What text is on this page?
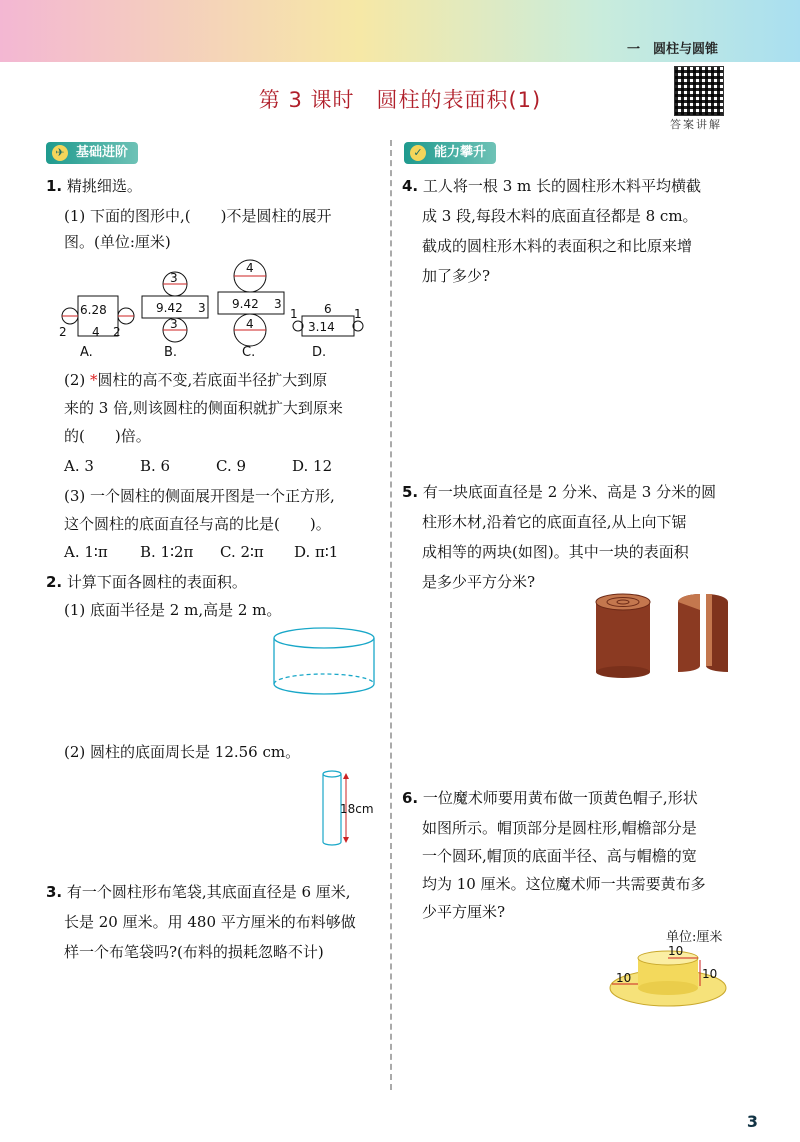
一　圆柱与圆锥
第 3 课时　圆柱的表面积(1)
答案讲解
✈ 基础进阶	✓ 能力攀升
1. 精挑细选。
(1) 下面的图形中,(　　)不是圆柱的展开
图。(单位:厘米)
6.28
4
2	2
A.
3
9.42 3
3
B.
4
9.42 3
4
C.
6
3.14
1	1
D.
(2) *圆柱的高不变,若底面半径扩大到原
来的 3 倍,则该圆柱的侧面积就扩大到原来
的(　　)倍。
A. 3	B. 6	C. 9	D. 12
(3) 一个圆柱的侧面展开图是一个正方形,
这个圆柱的底面直径与高的比是(　　)。
A. 1∶π B. 1∶2π C. 2∶π D. π∶1
2. 计算下面各圆柱的表面积。
(1) 底面半径是 2 m,高是 2 m。
(2) 圆柱的底面周长是 12.56 cm。
18cm
3. 有一个圆柱形布笔袋,其底面直径是 6 厘米,
长是 20 厘米。用 480 平方厘米的布料够做
样一个布笔袋吗?(布料的损耗忽略不计)
4. 工人将一根 3 m 长的圆柱形木料平均横截
成 3 段,每段木料的底面直径都是 8 cm。
截成的圆柱形木料的表面积之和比原来增
加了多少?
5. 有一块底面直径是 2 分米、高是 3 分米的圆
柱形木材,沿着它的底面直径,从上向下锯
成相等的两块(如图)。其中一块的表面积
是多少平方分米?
6. 一位魔术师要用黄布做一顶黄色帽子,形状
如图所示。帽顶部分是圆柱形,帽檐部分是
一个圆环,帽顶的底面半径、高与帽檐的宽
均为 10 厘米。这位魔术师一共需要黄布多
少平方厘米?
单位:厘米
10
10
10
3
